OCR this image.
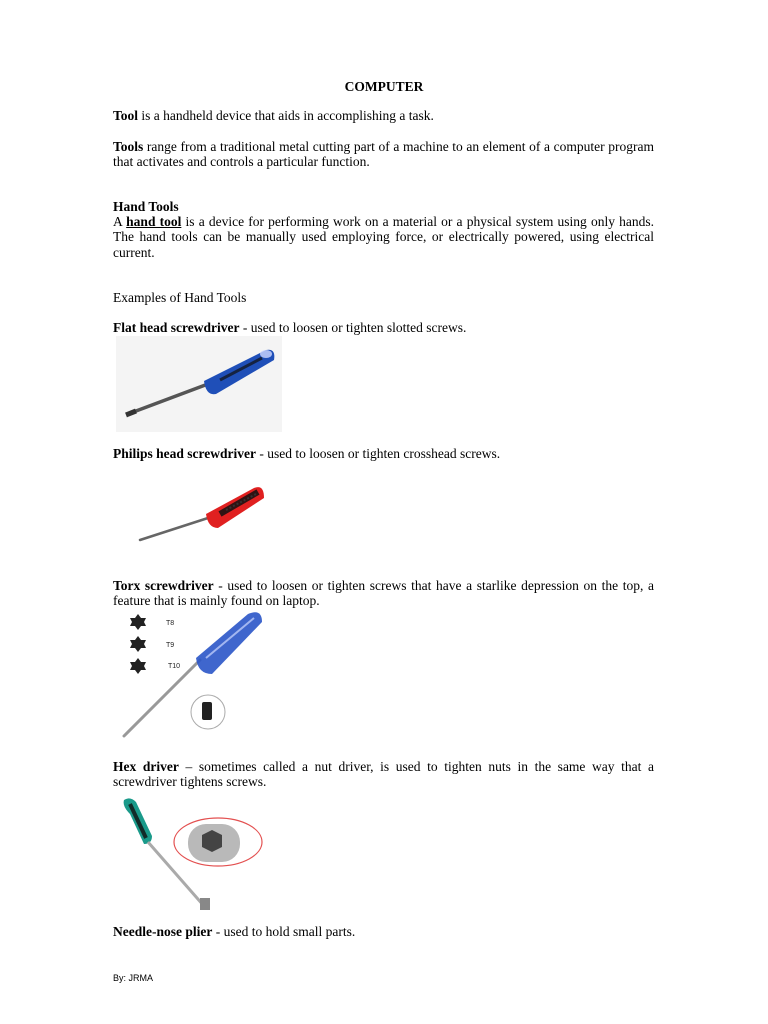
COMPUTER
Tool is a handheld device that aids in accomplishing a task.
Tools range from a traditional metal cutting part of a machine to an element of a computer program that activates and controls a particular function.
Hand Tools
A hand tool is a device for performing work on a material or a physical system using only hands. The hand tools can be manually used employing force, or electrically powered, using electrical current.
Examples of Hand Tools
Flat head screwdriver - used to loosen or tighten slotted screws.
Philips head screwdriver - used to loosen or tighten crosshead screws.
Torx screwdriver - used to loosen or tighten screws that have a starlike depression on the top, a feature that is mainly found on laptop.
T8
T9
T10
Hex driver – sometimes called a nut driver, is used to tighten nuts in the same way that a screwdriver tightens screws.
Needle-nose plier - used to hold small parts.
By: JRMA
